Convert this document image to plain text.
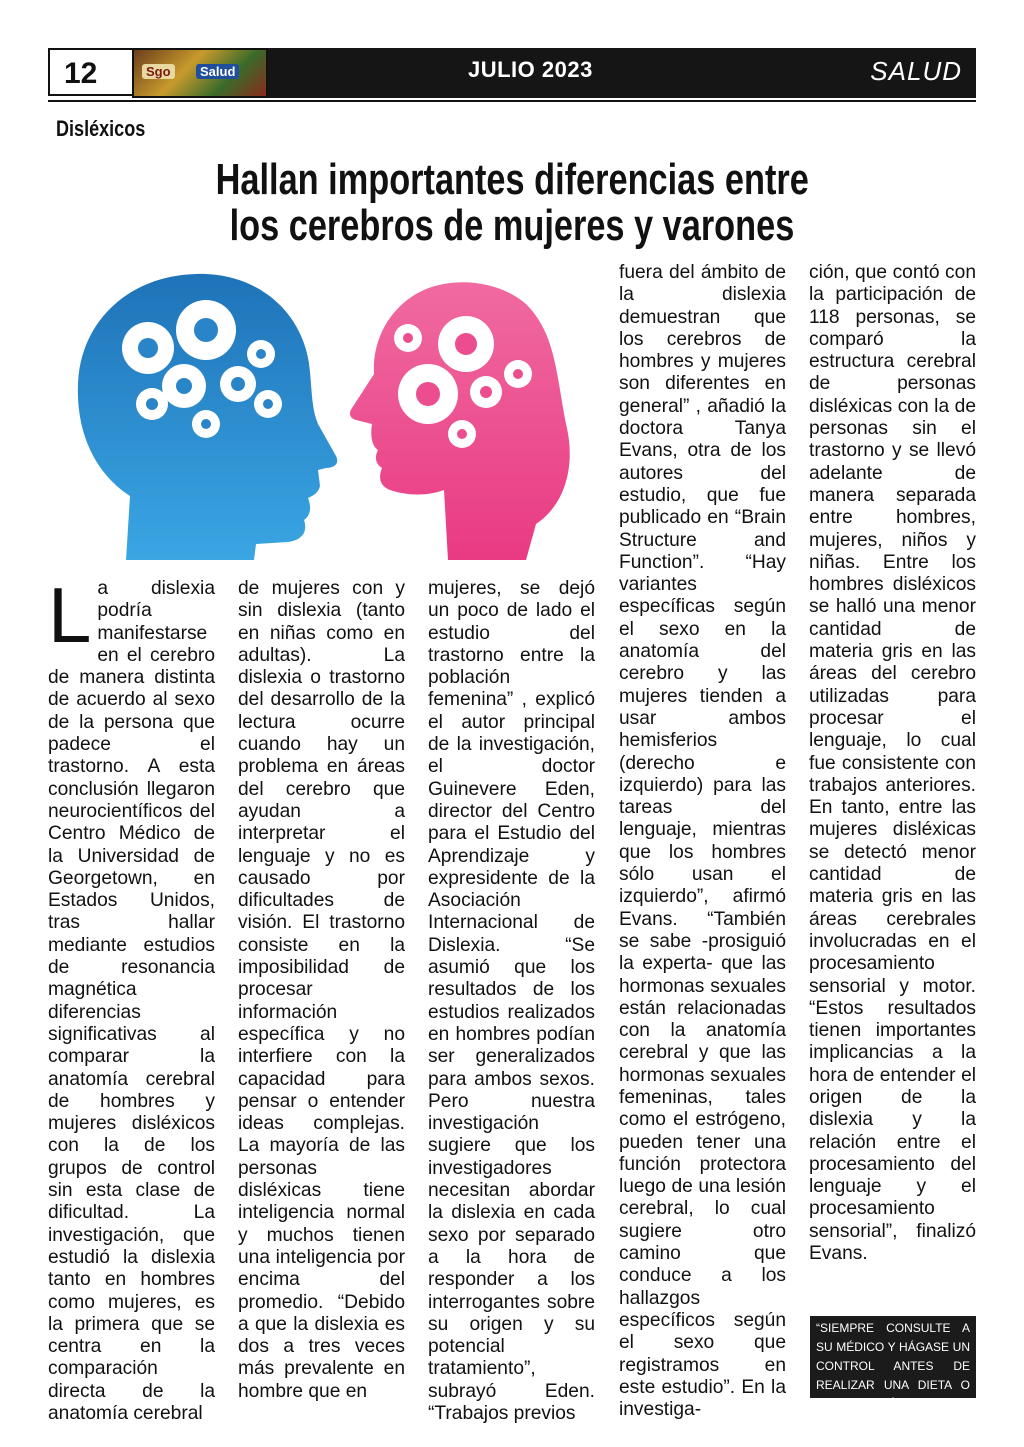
12	Sgo	Salud	JULIO 2023	SALUD
Disléxicos
Hallan importantes diferencias entre
los cerebros de mujeres y varones
L a dislexia podría manifestarse en el cerebro de manera distinta de acuerdo al sexo de la persona que padece el trastorno. A esta conclusión llegaron neurocientíficos del Centro Médico de la Universidad de Georgetown, en Estados Unidos, tras hallar mediante estudios de resonancia magnética diferencias significativas al comparar la anatomía cerebral de hombres y mujeres disléxicos con la de los grupos de control sin esta clase de dificultad. La investigación, que estudió la dislexia tanto en hombres como mujeres, es la primera que se centra en la comparación directa de la anatomía cerebral

de mujeres con y sin dislexia (tanto en niñas como en adultas). La dislexia o trastorno del desarrollo de la lectura ocurre cuando hay un problema en áreas del cerebro que ayudan a interpretar el lenguaje y no es causado por dificultades de visión. El trastorno consiste en la imposibilidad de procesar información específica y no interfiere con la capacidad para pensar o entender ideas complejas. La mayoría de las personas disléxicas tiene inteligencia normal y muchos tienen una inteligencia por encima del promedio. “Debido a que la dislexia es dos a tres veces más prevalente en hombre que en

mujeres, se dejó un poco de lado el estudio del trastorno entre la población femenina” , explicó el autor principal de la investigación, el doctor Guinevere Eden, director del Centro para el Estudio del Aprendizaje y expresidente de la Asociación Internacional de Dislexia. “Se asumió que los resultados de los estudios realizados en hombres podían ser generalizados para ambos sexos. Pero nuestra investigación sugiere que los investigadores necesitan abordar la dislexia en cada sexo por separado a la hora de responder a los interrogantes sobre su origen y su potencial tratamiento”, subrayó Eden. “Trabajos previos

fuera del ámbito de la dislexia demuestran que los cerebros de hombres y mujeres son diferentes en general” , añadió la doctora Tanya Evans, otra de los autores del estudio, que fue publicado en “Brain Structure and Function”. “Hay variantes específicas según el sexo en la anatomía del cerebro y las mujeres tienden a usar ambos hemisferios (derecho e izquierdo) para las tareas del lenguaje, mientras que los hombres sólo usan el izquierdo”, afirmó Evans. “También se sabe -prosiguió la experta- que las hormonas sexuales están relacionadas con la anatomía cerebral y que las hormonas sexuales femeninas, tales como el estrógeno, pueden tener una función protectora luego de una lesión cerebral, lo cual sugiere otro camino que conduce a los hallazgos específicos según el sexo que registramos en este estudio”. En la investiga-

ción, que contó con la participación de 118 personas, se comparó la estructura cerebral de personas disléxicas con la de personas sin el trastorno y se llevó adelante de manera separada entre hombres, mujeres, niños y niñas. Entre los hombres disléxicos se halló una menor cantidad de materia gris en las áreas del cerebro utilizadas para procesar el lenguaje, lo cual fue consistente con trabajos anteriores. En tanto, entre las mujeres disléxicas se detectó menor cantidad de materia gris en las áreas cerebrales involucradas en el procesamiento sensorial y motor. “Estos resultados tienen importantes implicancias a la hora de entender el origen de la dislexia y la relación entre el procesamiento del lenguaje y el procesamiento sensorial”, finalizó Evans.

“SIEMPRE CONSULTE A SU MÉDICO Y HÁGASE UN CONTROL ANTES DE REALIZAR UNA DIETA O ACTIVIDAD FÍSICA”
